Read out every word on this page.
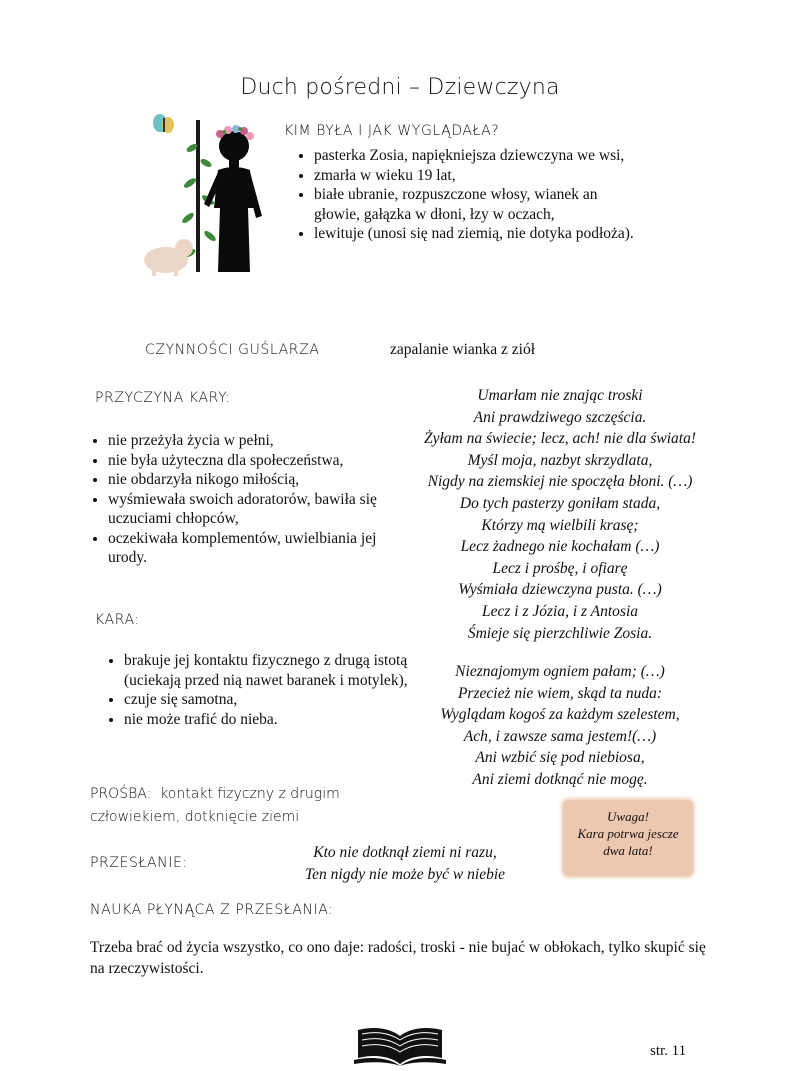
Duch pośredni – Dziewczyna
KIM BYŁA I JAK WYGLĄDAŁA?
• pasterka Zosia, napiękniejsza dziewczyna we wsi,
• zmarła w wieku 19 lat,
• białe ubranie, rozpuszczone włosy, wianek an głowie, gałązka w dłoni, łzy w oczach,
• lewituje (unosi się nad ziemią, nie dotyka podłoża).
CZYNNOŚCI GUŚLARZA	zapalanie wianka z ziół
PRZYCZYNA KARY:
• nie przeżyła życia w pełni,
• nie była użyteczna dla społeczeństwa,
• nie obdarzyła nikogo miłością,
• wyśmiewała swoich adoratorów, bawiła się uczuciami chłopców,
• oczekiwała komplementów, uwielbiania jej urody.
KARA:
• brakuje jej kontaktu fizycznego z drugą istotą (uciekają przed nią nawet baranek i motylek),
• czuje się samotna,
• nie może trafić do nieba.
PROŚBA: kontakt fizyczny z drugim
człowiekiem, dotknięcie ziemi
PRZESŁANIE:

Kto nie dotknął ziemi ni razu,

Ten nigdy nie może być w niebie

NAUKA PŁYNĄCA Z PRZESŁANIA:
Trzeba brać od życia wszystko, co ono daje: radości, troski - nie bujać w obłokach, tylko skupić się na rzeczywistości.

Umarłam nie znając troski

Ani prawdziwego szczęścia.

Żyłam na świecie; lecz, ach! nie dla świata!

Myśl moja, nazbyt skrzydlata,

Nigdy na ziemskiej nie spoczęła błoni. (…)

Do tych pasterzy goniłam stada,

Którzy mą wielbili krasę;

Lecz żadnego nie kochałam (…)

Lecz i prośbę, i ofiarę

Wyśmiała dziewczyna pusta. (…)

Lecz i z Józia, i z Antosia

Śmieje się pierzchliwie Zosia.

Nieznajomym ogniem pałam; (…)

Przecież nie wiem, skąd ta nuda:

Wyglądam kogoś za każdym szelestem,

Ach, i zawsze sama jestem!(…)

Ani wzbić się pod niebiosa,

Ani ziemi dotknąć nie mogę.

Uwaga!
Kara potrwa jescze
dwa lata!
str. 11
